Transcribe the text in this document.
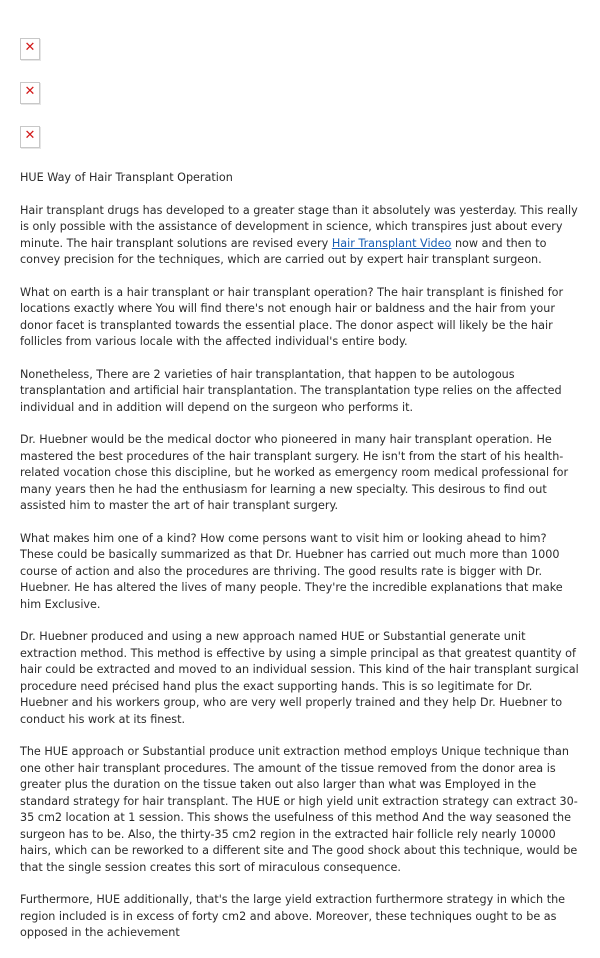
✕
✕
✕

HUE Way of Hair Transplant Operation

Hair transplant drugs has developed to a greater stage than it absolutely was yesterday. This really is only possible with the assistance of development in science, which transpires just about every minute. The hair transplant solutions are revised every Hair Transplant Video now and then to convey precision for the techniques, which are carried out by expert hair transplant surgeon.

What on earth is a hair transplant or hair transplant operation? The hair transplant is finished for locations exactly where You will find there's not enough hair or baldness and the hair from your donor facet is transplanted towards the essential place. The donor aspect will likely be the hair follicles from various locale with the affected individual's entire body.

Nonetheless, There are 2 varieties of hair transplantation, that happen to be autologous transplantation and artificial hair transplantation. The transplantation type relies on the affected individual and in addition will depend on the surgeon who performs it.

Dr. Huebner would be the medical doctor who pioneered in many hair transplant operation. He mastered the best procedures of the hair transplant surgery. He isn't from the start of his health-related vocation chose this discipline, but he worked as emergency room medical professional for many years then he had the enthusiasm for learning a new specialty. This desirous to find out assisted him to master the art of hair transplant surgery.

What makes him one of a kind? How come persons want to visit him or looking ahead to him? These could be basically summarized as that Dr. Huebner has carried out much more than 1000 course of action and also the procedures are thriving. The good results rate is bigger with Dr. Huebner. He has altered the lives of many people. They're the incredible explanations that make him Exclusive.

Dr. Huebner produced and using a new approach named HUE or Substantial generate unit extraction method. This method is effective by using a simple principal as that greatest quantity of hair could be extracted and moved to an individual session. This kind of the hair transplant surgical procedure need précised hand plus the exact supporting hands. This is so legitimate for Dr. Huebner and his workers group, who are very well properly trained and they help Dr. Huebner to conduct his work at its finest.

The HUE approach or Substantial produce unit extraction method employs Unique technique than one other hair transplant procedures. The amount of the tissue removed from the donor area is greater plus the duration on the tissue taken out also larger than what was Employed in the standard strategy for hair transplant. The HUE or high yield unit extraction strategy can extract 30-35 cm2 location at 1 session. This shows the usefulness of this method And the way seasoned the surgeon has to be. Also, the thirty-35 cm2 region in the extracted hair follicle rely nearly 10000 hairs, which can be reworked to a different site and The good shock about this technique, would be that the single session creates this sort of miraculous consequence.

Furthermore, HUE additionally, that's the large yield extraction furthermore strategy in which the region included is in excess of forty cm2 and above. Moreover, these techniques ought to be as opposed in the achievement
